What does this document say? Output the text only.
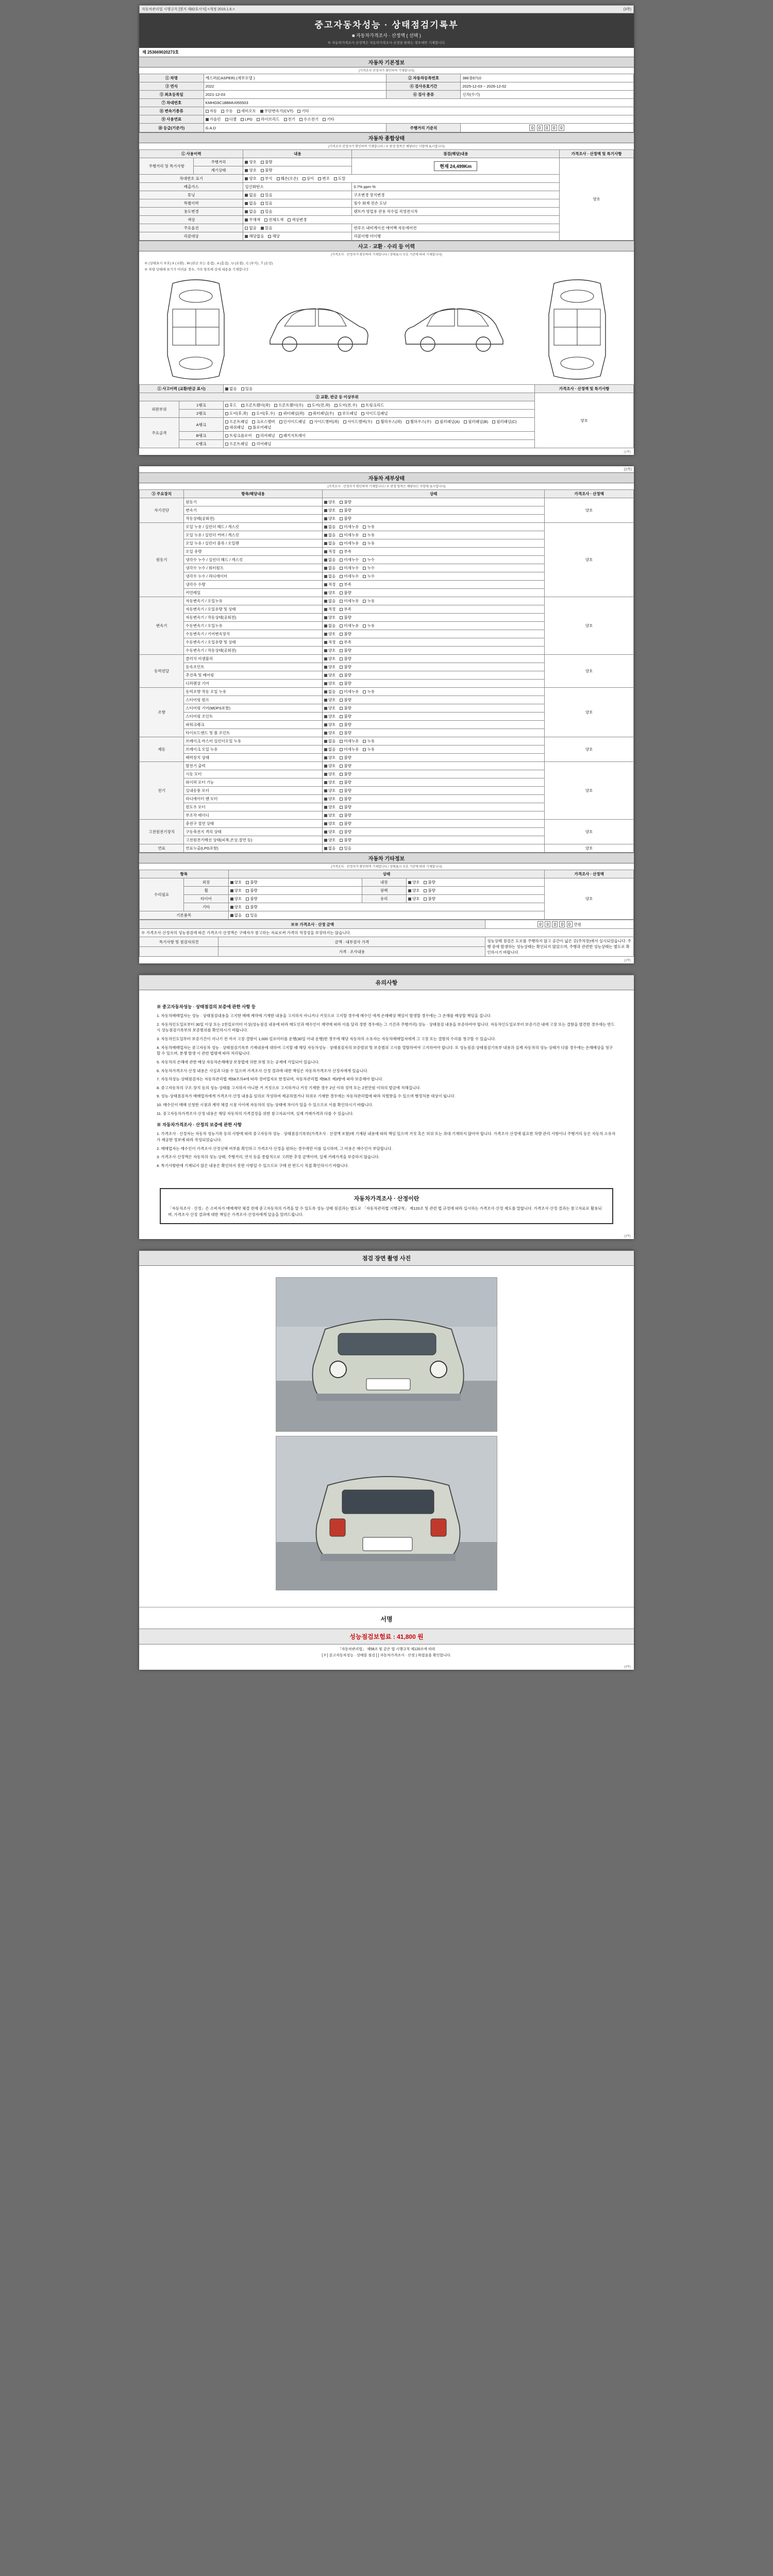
자동차관리법 시행규칙 [별지 제82호서식] <개정 2015.1.6.>	(3쪽)
중고자동차성능 · 상태점검기록부
■ 자동차가격조사 · 산정액 ( 선택 )
※ 자동차가격조사·산정액은 자동차가격조사·산정을 원하는 경우에만 기재합니다.
제 253669020273호
자동차 기본정보
(가격조사·산정자가 확인하여 기재합니다)
① 차명	캐스퍼(CASPER) (세부모델 )	② 자동차등록번호	386점6710
③ 연식	2022	④ 검사유효기간	2025-12-03 ~ 2026-12-02
⑤ 최초등록일	2021-12-03	⑥ 검사 종류	신차(수기)
⑦ 차대번호	KMHG9C1BBMU055503		
⑧ 변속기종류	자동 수동 세미오토 무단변속기(CVT) 기타		
⑨ 사용연료	가솔린 디젤 LPG 하이브리드 전기 수소전기 기타		
⑩ 등급(기준가)	G.A.D	주행거리 기준치	0 0 0 0 0
자동차 종합상태
(가격조사·산정자가 확인하여 기재합니다 / ※ 판정 항목은 해당되는 사항에 표시합니다)
① 사용이력		내용	점검(해당)내용	가격조사 · 산정액 및 특기사항
주행거리 및 특기사항	주행거리	양호 불량	현재 24,499Km	양호
	계기상태	양호 불량		
차대번호 표기		양호 부식 훼손(오손) 상이 변조 도말		
배출가스		일산화탄소	0.7% ppm %	
튜닝		없음 있음	구조변경 장치변경	
특별이력		없음 있음	침수 화재 전손 도난	
용도변경		없음 있음	렌트카 영업용 관용 직수입 직영전시차	
색상		무채색 전체도색 색상변경		
주요옵션		없음 있음	썬루프 내비게이션 에어백 자동에어컨	
리콜대상		해당없음 해당	리콜이행 미이행	
사고 · 교환 · 수리 등 이력
(가격조사 · 산정자가 확인하여 기재합니다 / 상태표시 부호 기준에 따라 기재합니다)
※ (상태표시 부호) X (교환) , W (판금 또는 용접) , A (흠집) , U (요철) , C (부식) , T (손상)
※ 차량 상태에 표기가 어려운 경우, 기타 항목에 상세 내용을 기재합니다
① 사고이력 (교환/판금 표시)		없음 있음	가격조사 · 산정액 및 특기사항
② 교환, 판금 등 이상부위			양호
외판부위	1랭크	후드 프론트휀더(좌) 프론트휀더(우) 도어(전,좌) 도어(전,우) 트렁크리드	
	2랭크	도어(후,좌) 도어(후,우) 쿼터패널(좌) 쿼터패널(우) 루프패널 사이드실패널	
주요골격	A랭크	프론트패널 크로스멤버 인사이드패널 사이드멤버(좌) 사이드멤버(우) 휠하우스(좌) 휠하우스(우) 필러패널(A) 필러패널(B) 필러패널(C) 대쉬패널 플로어패널	
	B랭크	트렁크플로어 리어패널 패키지트레이	
	C랭크	프론트패널 리어패널	
(1쪽)
(2쪽)
자동차 세부상태
(가격조사 · 산정자가 확인하여 기재합니다 / ※ 판정 항목은 해당되는 사항에 표시합니다)
③ 주요장치	항목/해당내용	상태	가격조사 · 산정액
자기진단	원동기	양호 불량	양호
	변속기	양호 불량	
	작동상태(공회전)	양호 불량	
원동기	오일 누유 / 실린더 헤드 / 개스킷	없음 미세누유 누유	양호
	오일 누유 / 실린더 커버 / 개스킷	없음 미세누유 누유	
	오일 누유 / 실린더 블록 / 오일팬	없음 미세누유 누유	
	오일 유량	적정 부족	
	냉각수 누수 / 실린더 헤드 / 개스킷	없음 미세누수 누수	
	냉각수 누수 / 워터펌프	없음 미세누수 누수	
	냉각수 누수 / 라디에이터	없음 미세누수 누수	
	냉각수 수량	적정 부족	
	커먼레일	양호 불량	
변속기	자동변속기 / 오일누유	없음 미세누유 누유	양호
	자동변속기 / 오일유량 및 상태	적정 부족	
	자동변속기 / 작동상태(공회전)	양호 불량	
	수동변속기 / 오일누유	없음 미세누유 누유	
	수동변속기 / 기어변속장치	양호 불량	
	수동변속기 / 오일유량 및 상태	적정 부족	
	수동변속기 / 작동상태(공회전)	양호 불량	
동력전달	클러치 어셈블리	양호 불량	양호
	등속조인트	양호 불량	
	추진축 및 베어링	양호 불량	
	디퍼렌셜 기어	양호 불량	
조향	동력조향 작동 오일 누유	없음 미세누유 누유	양호
	스티어링 펌프	양호 불량	
	스티어링 기어(MDPS포함)	양호 불량	
	스티어링 조인트	양호 불량	
	파워크랭크	양호 불량	
	타이로드엔드 및 볼 조인트	양호 불량	
제동	브레이크 마스터 실린더오일 누유	없음 미세누유 누유	양호
	브레이크 오일 누유	없음 미세누유 누유	
	배력장치 상태	양호 불량	
전기	발전기 출력	양호 불량	양호
	시동 모터	양호 불량	
	와이퍼 모터 기능	양호 불량	
	실내송풍 모터	양호 불량	
	라디에이터 팬 모터	양호 불량	
	윈도우 모터	양호 불량	
	부조작 레이디	양호 불량	
고전원전기장치	충전구 절연 상태	양호 불량	양호
	구동축전지 격리 상태	양호 불량	
	고전원전기배선 상태(피복,손상,절연 등)	양호 불량	
연료	연료누출(LPG포함)	없음 있음	양호
자동차 기타정보
(가격조사 · 산정자가 확인하여 기재합니다 / 상태표시 부호 기준에 따라 기재합니다)
항목		상태			가격조사 · 산정액
수리필요	외장	양호 불량	내장	양호 불량	양호
	휠	양호 불량	광택	양호 불량	
	타이어	양호 불량	유리	양호 불량	
	기타	양호 불량			
기본품목		없음 있음			
※※ 가격조사 · 산정 금액		0 0 0 0 0 만원
※ 가격조사·산정자의 성능점검에 따른 가격조사·산정액은 구매자가 참고하는 자료로써 가격의 적정성을 보장하지는 않습니다.		
특기사항 및 점검자의견	금액 · 내부검사 가격	성능상태 점검은 도로를 주행하지 않고 공간이 넓은 곳(주차장)에서 실시되었습니다. 주행 중에 발생하는 성능상태는 확인되지 않았으며, 주행과 관련한 성능상태는 별도로 확인하시기 바랍니다.
	가격 · 조사내용	
(2쪽)
유의사항
※ 중고자동차성능 · 상태점검의 보증에 관한 사항 등

1. 자동차매매업자는 성능 · 상태점검내용을 고지한 매매 계약에 기재한 내용을 고지하지 아니거나 거짓으로 고지할 경우에 매수인 에게 손해배상 책임이 발생할 경우에는 그 손해를 배상할 책임을 집니다.

2. 자동차인도일로부터 30일 이상 또는 2천킬로미터 이상(성능점검 내용에 따라 매도인과 매수인이 계약에 따라 이를 달리 정한 경우에는 그 기간과 주행거리) 성능 · 상태점검 내용을 보증하여야 합니다. 자동차인도일로부터 보증기간 내에 고장 또는 결함을 발견한 경우에는 반드시 성능점검기록부의 보증범위를 확인하시기 바랍니다.

3. 자동차인도일부터 보증기간이 지나기 전 까지 고장·결함이 1,000 킬로미터를 운행(30일 이내 운행)한 경우에 해당 자동차의 소유자는 자동차매매업자에게 그 고장 또는 결함의 수리를 청구할 수 있습니다.

4. 자동차매매업자는 중고자동차 성능 · 상태점검기록부 기재내용에 대하여 고지할 때 해당 자동차성능 · 상태점검자의 보증범위 및 보증범위 고시를 열람하여야 고지하여야 합니다. 또 성능점검·상태점검기록부 내용과 실제 자동차의 성능·상태가 다를 경우에는 손해배상을 청구할 수 있으며, 분쟁 발생 시 관련 법령에 따라 처리됩니다.

5. 자동차의 손해에 관한 배상 자동차손해배상 보장법에 의한 보험 또는 공제에 가입되어 있습니다.

6. 자동차가격조사·산정 내용은 사실과 다를 수 있으며 가격조사·산정 결과에 대한 책임은 자동차가격조사·산정자에게 있습니다.

7. 자동차성능·상태점검자는 자동차관리법 제58조의4에 따라 정비업자로 한정되며, 자동차관리법 제58조 제3항에 따라 보증해야 합니다.

8. 중고자동차의 구조·장치 등의 성능·상태를 고지하지 아니한 거 거짓으로 고지하거나 거짓 기재한 경우 2년 이하 징역 또는 2천만원 이하의 벌금에 처해집니다.

9. 성능·상태점검자가 매매업자에게 가격조사·산정 내용을 임의로 작성하여 제공하였거나 허위로 기재한 경우에는 자동차관리법에 따라 처벌받을 수 있으며 행정처분 대상이 됩니다.

10. 매수인이 매매 신청한 시점과 계약 체결 시점 사이에 자동차의 성능·상태에 차이가 있을 수 있으므로 이를 확인하시기 바랍니다.

11. 중고자동차가격조사·산정 내용은 해당 자동차의 가격결정을 위한 참고자료이며, 실제 거래가격과 다를 수 있습니다.

※ 자동차가격조사 · 산정의 보증에 관한 사항

1. 가격조사 · 산정자는 자동차 성능기록 등의 사항에 따라 중고자동차 성능 · 상태점검기록부(가격조사 · 산정액 포함)에 기재된 내용에 따라 책임 있으며 거짓 혹은 허위 또는 과대 기재하지 않아야 합니다. 가격조사·산정에 필요한 차량 관리 사항이나 주행거리 등은 자동차 소유자가 제공한 정보에 따라 작성되었습니다.

2. 매매업자는 매수인이 가격조사·산정선택 여부를 확인하고 가격조사·산정을 원하는 경우에만 이를 실시하며, 그 비용은 매수인이 부담합니다.

3. 가격조사·산정액은 자동차의 성능·상태, 주행거리, 연식 등을 종합적으로 고려한 추정 금액이며, 실제 거래가격을 보증하지 않습니다.

4. 특기사항란에 기재되지 않은 내용은 확인하지 못한 사항일 수 있으므로 구매 전 반드시 직접 확인하시기 바랍니다.

자동차가격조사 · 산정이란

「자동차조사 · 산정」은 소비자가 매매계약 체결 전에 중고자동차의 가격을 알 수 있도록 성능·상태 점검과는 별도로 「자동차관리법 시행규칙」 제120조 및 관련 법 규정에 따라 실시하는 가격조사·산정 제도를 말합니다. 가격조사·산정 결과는 참고자료로 활용되며, 가격조사·산정 결과에 대한 책임은 가격조사·산정자에게 있음을 알려드립니다.

(3쪽)
점검 장면 촬영 사진
서명
성능점검보험료 : 41,800 원
「자동차관리법」 제58조 및 같은 법 시행규칙 제120조에 따라
[ Y ] 중고자동차성능 · 상태를 점검 [ ] 자동차가격조사 · 산정 ) 하였음을 확인합니다.
(4쪽)
